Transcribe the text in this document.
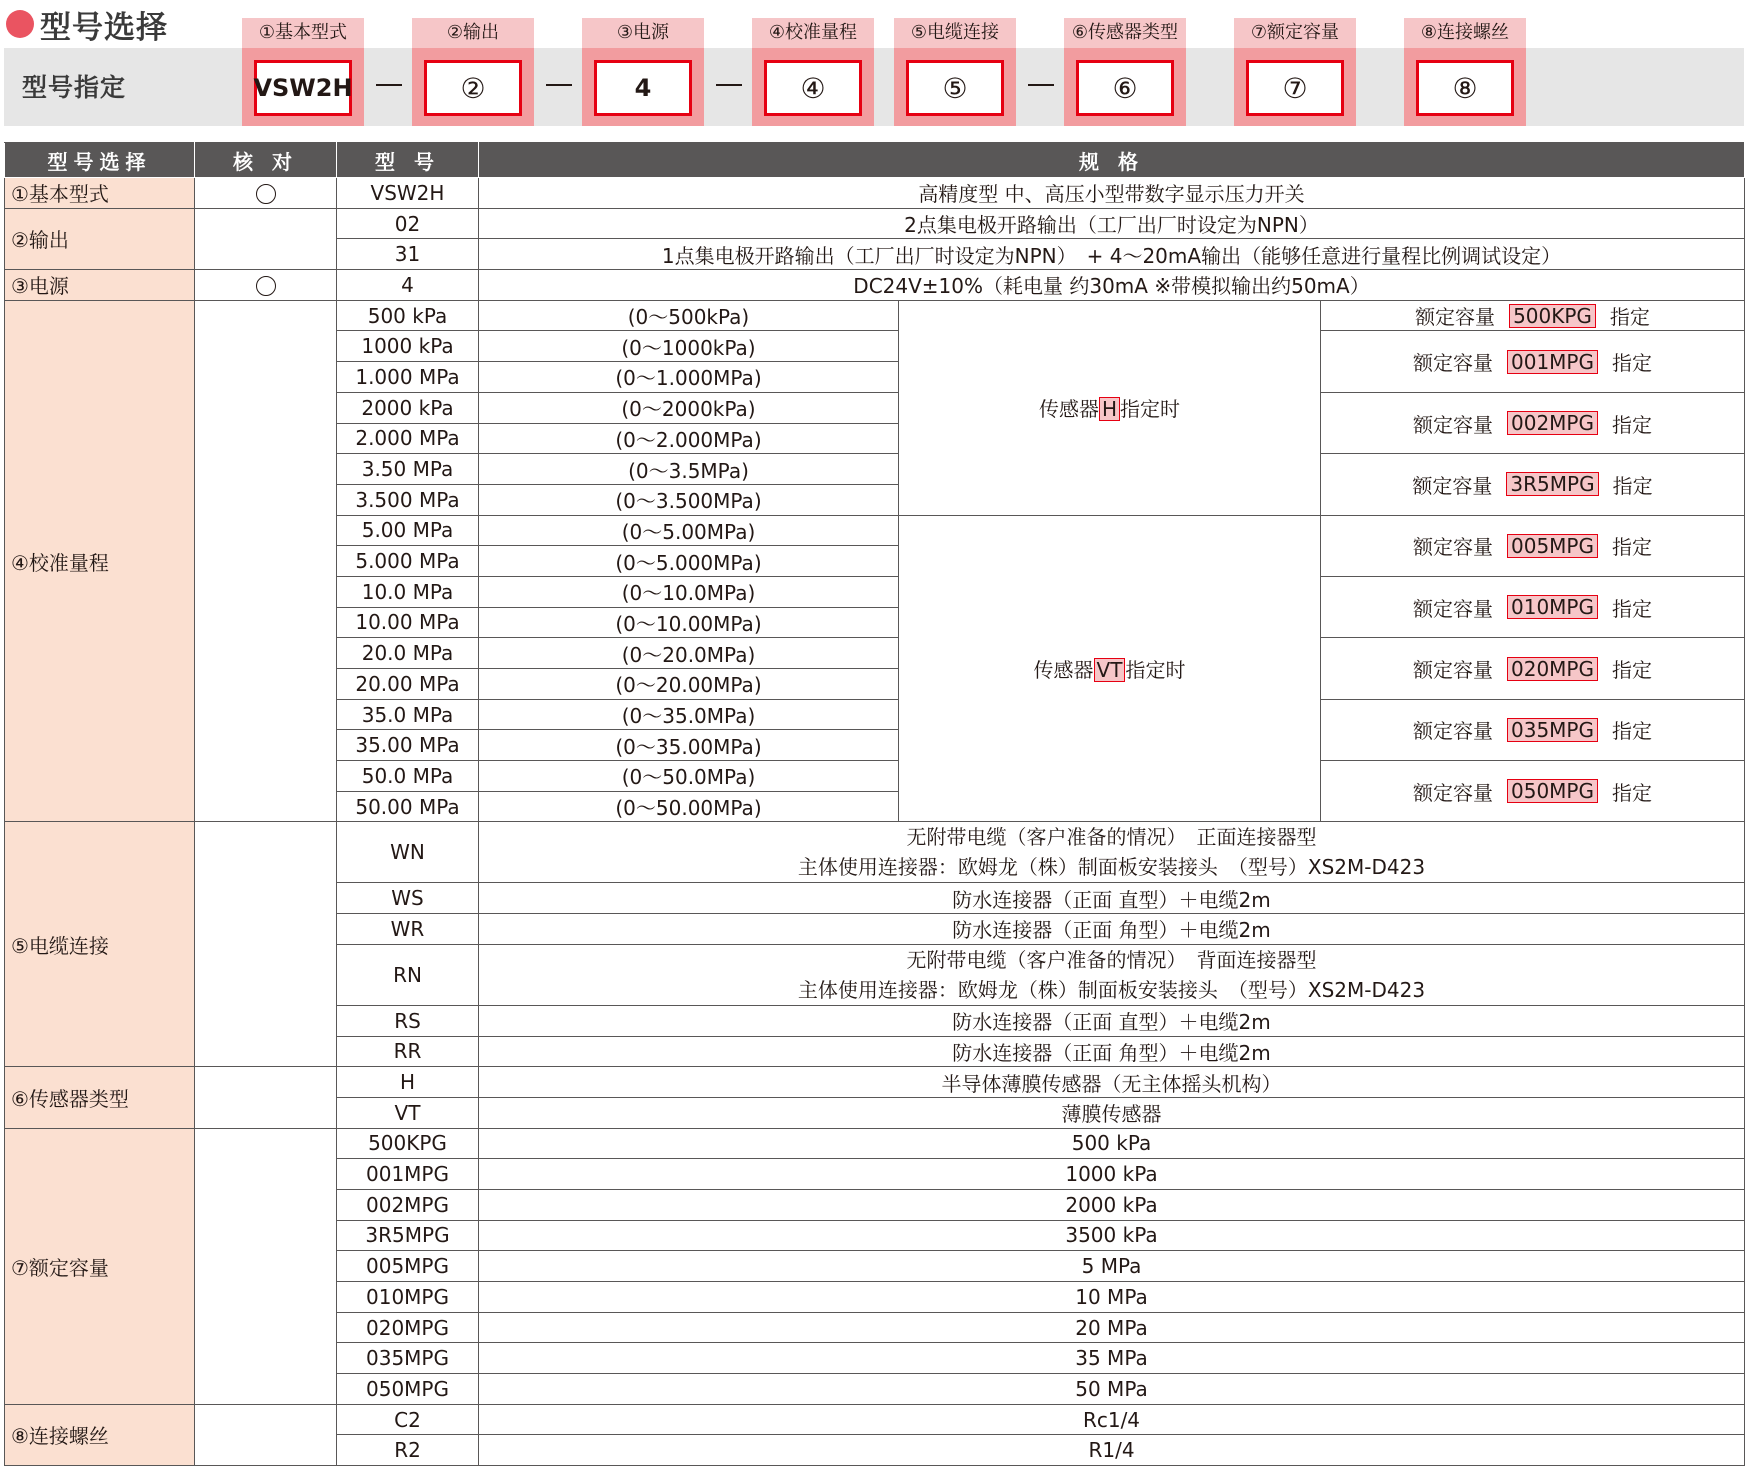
型号选择
型号指定
①基本型式
VSW2H
②输出
②
③电源
4
④校准量程
④
⑤电缆连接
⑤
⑥传感器类型
⑥
⑦额定容量
⑦
⑧连接螺丝
⑧
型号选择	核 对	型 号	规 格		
①基本型式		VSW2H	高精度型 中、高压小型带数字显示压力开关		
②输出		02	2点集电极开路输出（工厂出厂时设定为NPN）		
		31	1点集电极开路输出（工厂出厂时设定为NPN）　+ 4～20mA输出（能够任意进行量程比例调试设定）		
③电源		4	DC24V±10%（耗电量 约30mA ※带模拟输出约50mA）		
④校准量程		500 kPa	(0～500kPa)	传感器 H 指定时	额定容量 500KPG 指定

		1000 kPa	(0～1000kPa)		额定容量 001MPG 指定

		1.000 MPa	(0～1.000MPa)		
		2000 kPa	(0～2000kPa)		额定容量 002MPG 指定

		2.000 MPa	(0～2.000MPa)		
		3.50 MPa	(0～3.5MPa)		额定容量 3R5MPG 指定

		3.500 MPa	(0～3.500MPa)		
		5.00 MPa	(0～5.00MPa)	传感器 VT 指定时	额定容量 005MPG 指定

		5.000 MPa	(0～5.000MPa)		
		10.0 MPa	(0～10.0MPa)		额定容量 010MPG 指定

		10.00 MPa	(0～10.00MPa)		
		20.0 MPa	(0～20.0MPa)		额定容量 020MPG 指定

		20.00 MPa	(0～20.00MPa)		
		35.0 MPa	(0～35.0MPa)		额定容量 035MPG 指定

		35.00 MPa	(0～35.00MPa)		
		50.0 MPa	(0～50.0MPa)		额定容量 050MPG 指定

		50.00 MPa	(0～50.00MPa)		
⑤电缆连接		WN	无附带电缆（客户准备的情况）　正面连接器型
主体使用连接器：欧姆龙（株）制面板安装接头　（型号）XS2M-D423		

		WS	防水连接器（正面 直型）＋电缆2m		
		WR	防水连接器（正面 角型）＋电缆2m		
		RN	无附带电缆（客户准备的情况）　背面连接器型
主体使用连接器：欧姆龙（株）制面板安装接头　（型号）XS2M-D423		

		RS	防水连接器（正面 直型）＋电缆2m		
		RR	防水连接器（正面 角型）＋电缆2m		
⑥传感器类型		H	半导体薄膜传感器（无主体摇头机构）		
		VT	薄膜传感器		
⑦额定容量		500KPG	500 kPa		
		001MPG	1000 kPa		
		002MPG	2000 kPa		
		3R5MPG	3500 kPa		
		005MPG	5 MPa		
		010MPG	10 MPa		
		020MPG	20 MPa		
		035MPG	35 MPa		
		050MPG	50 MPa		
⑧连接螺丝		C2	Rc1/4		
		R2	R1/4		
